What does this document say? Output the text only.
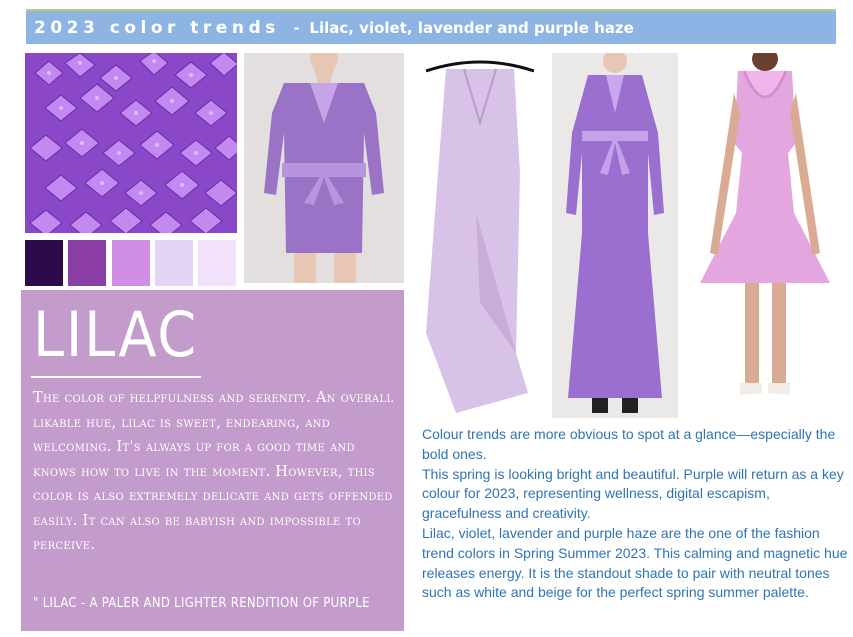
2023 color trends - Lilac, violet, lavender and purple haze
LILAC
The color of helpfulness and serenity. An overall likable hue, lilac is sweet, endearing, and welcoming. It's always up for a good time and knows how to live in the moment. However, this color is also extremely delicate and gets offended easily. It can also be babyish and impossible to perceive.
" LILAC - A PALER AND LIGHTER RENDITION OF PURPLE

Colour trends are more obvious to spot at a glance—especially the bold ones.

This spring is looking bright and beautiful. Purple will return as a key colour for 2023, representing wellness, digital escapism, gracefulness and creativity.

Lilac, violet, lavender and purple haze are the one of the fashion trend colors in Spring Summer 2023. This calming and magnetic hue releases energy. It is the standout shade to pair with neutral tones such as white and beige for the perfect spring summer palette.
